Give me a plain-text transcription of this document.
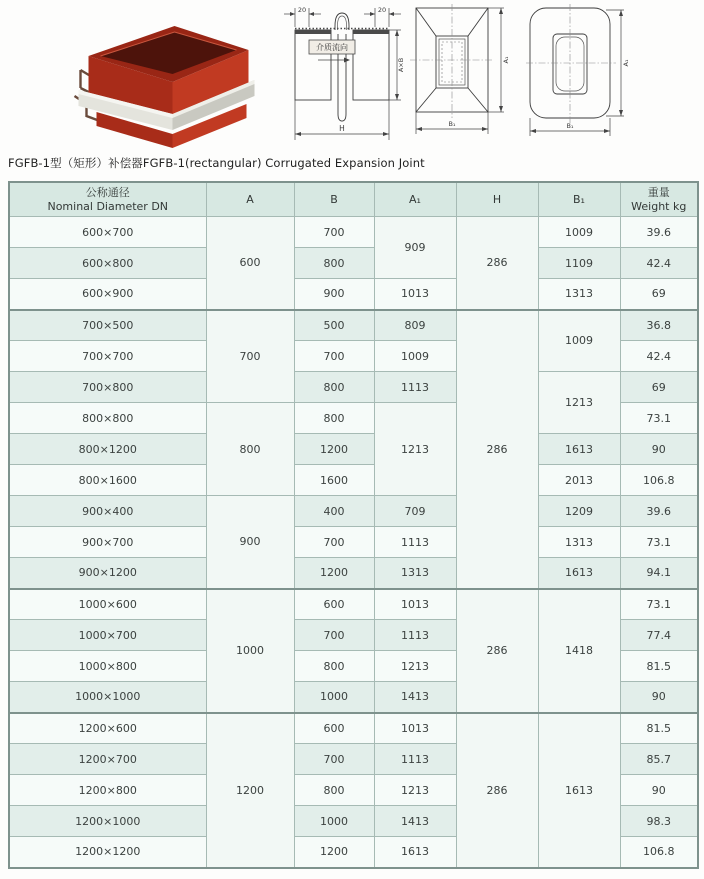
介质流向
20	20
A×B
H
A₁
B₁
A₁
B₁
FGFB-1型（矩形）补偿器FGFB-1(rectangular) Corrugated Expansion Joint
公称通径
Nominal Diameter DN
	A	B	A₁	H	B₁	
重量
Weight kg

600×700	600	700	909	286	1009	39.6
600×800		800			1109	42.4
600×900		900	1013		1313	69
700×500	700	500	809	286	1009	36.8
700×700		700	1009			42.4
700×800		800	1113		1213	69
800×800	800	800	1213			73.1
800×1200		1200			1613	90
800×1600		1600			2013	106.8
900×400	900	400	709		1209	39.6
900×700		700	1113		1313	73.1
900×1200		1200	1313		1613	94.1
1000×600	1000	600	1013	286	1418	73.1
1000×700		700	1113			77.4
1000×800		800	1213			81.5
1000×1000		1000	1413			90
1200×600	1200	600	1013	286	1613	81.5
1200×700		700	1113			85.7
1200×800		800	1213			90
1200×1000		1000	1413			98.3
1200×1200		1200	1613			106.8
